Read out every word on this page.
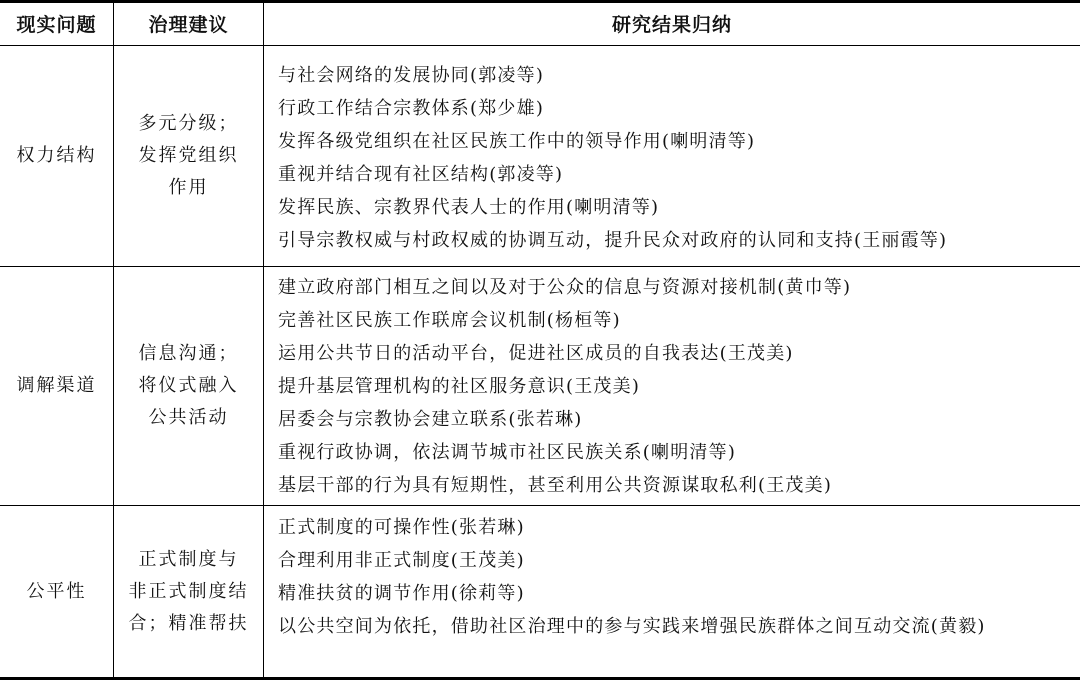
现实问题	治理建议	研究结果归纳
权力结构
多元分级；
发挥党组织
作用
与社会网络的发展协同(郭凌等)
行政工作结合宗教体系(郑少雄)
发挥各级党组织在社区民族工作中的领导作用(喇明清等)
重视并结合现有社区结构(郭凌等)
发挥民族、宗教界代表人士的作用(喇明清等)
引导宗教权威与村政权威的协调互动，提升民众对政府的认同和支持(王丽霞等)
调解渠道
信息沟通；
将仪式融入
公共活动
建立政府部门相互之间以及对于公众的信息与资源对接机制(黄巾等)
完善社区民族工作联席会议机制(杨桓等)
运用公共节日的活动平台，促进社区成员的自我表达(王茂美)
提升基层管理机构的社区服务意识(王茂美)
居委会与宗教协会建立联系(张若琳)
重视行政协调，依法调节城市社区民族关系(喇明清等)
基层干部的行为具有短期性，甚至利用公共资源谋取私利(王茂美)
公平性
正式制度与
非正式制度结
合；精准帮扶
正式制度的可操作性(张若琳)
合理利用非正式制度(王茂美)
精准扶贫的调节作用(徐莉等)
以公共空间为依托，借助社区治理中的参与实践来增强民族群体之间互动交流(黄毅)
